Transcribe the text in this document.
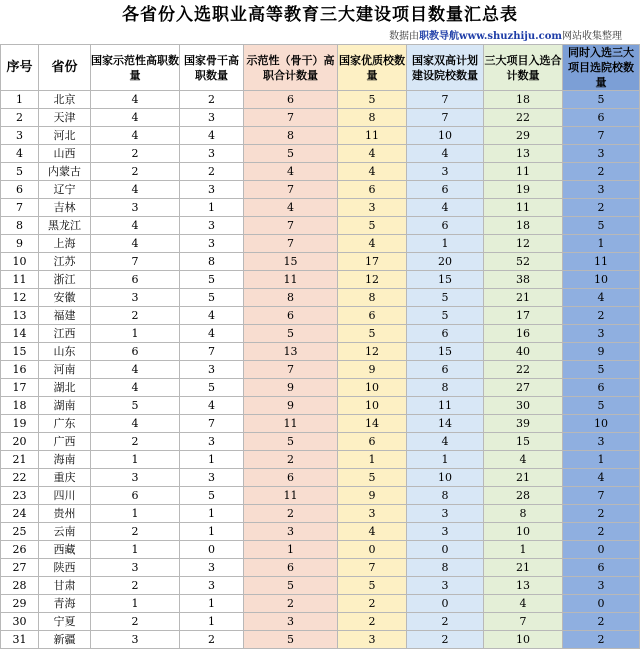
各省份入选职业高等教育三大建设项目数量汇总表
数据由职教导航www.shuzhiju.com网站收集整理
序号	省份	国家示范性高职数量	国家骨干高职数量	示范性（骨干）高职合计数量	国家优质校数量	国家双高计划建设院校数量	三大项目入选合计数量	同时入选三大项目选院校数量
1	北京	4	2	6	5	7	18	5
2	天津	4	3	7	8	7	22	6
3	河北	4	4	8	11	10	29	7
4	山西	2	3	5	4	4	13	3
5	内蒙古	2	2	4	4	3	11	2
6	辽宁	4	3	7	6	6	19	3
7	吉林	3	1	4	3	4	11	2
8	黑龙江	4	3	7	5	6	18	5
9	上海	4	3	7	4	1	12	1
10	江苏	7	8	15	17	20	52	11
11	浙江	6	5	11	12	15	38	10
12	安徽	3	5	8	8	5	21	4
13	福建	2	4	6	6	5	17	2
14	江西	1	4	5	5	6	16	3
15	山东	6	7	13	12	15	40	9
16	河南	4	3	7	9	6	22	5
17	湖北	4	5	9	10	8	27	6
18	湖南	5	4	9	10	11	30	5
19	广东	4	7	11	14	14	39	10
20	广西	2	3	5	6	4	15	3
21	海南	1	1	2	1	1	4	1
22	重庆	3	3	6	5	10	21	4
23	四川	6	5	11	9	8	28	7
24	贵州	1	1	2	3	3	8	2
25	云南	2	1	3	4	3	10	2
26	西藏	1	0	1	0	0	1	0
27	陕西	3	3	6	7	8	21	6
28	甘肃	2	3	5	5	3	13	3
29	青海	1	1	2	2	0	4	0
30	宁夏	2	1	3	2	2	7	2
31	新疆	3	2	5	3	2	10	2
